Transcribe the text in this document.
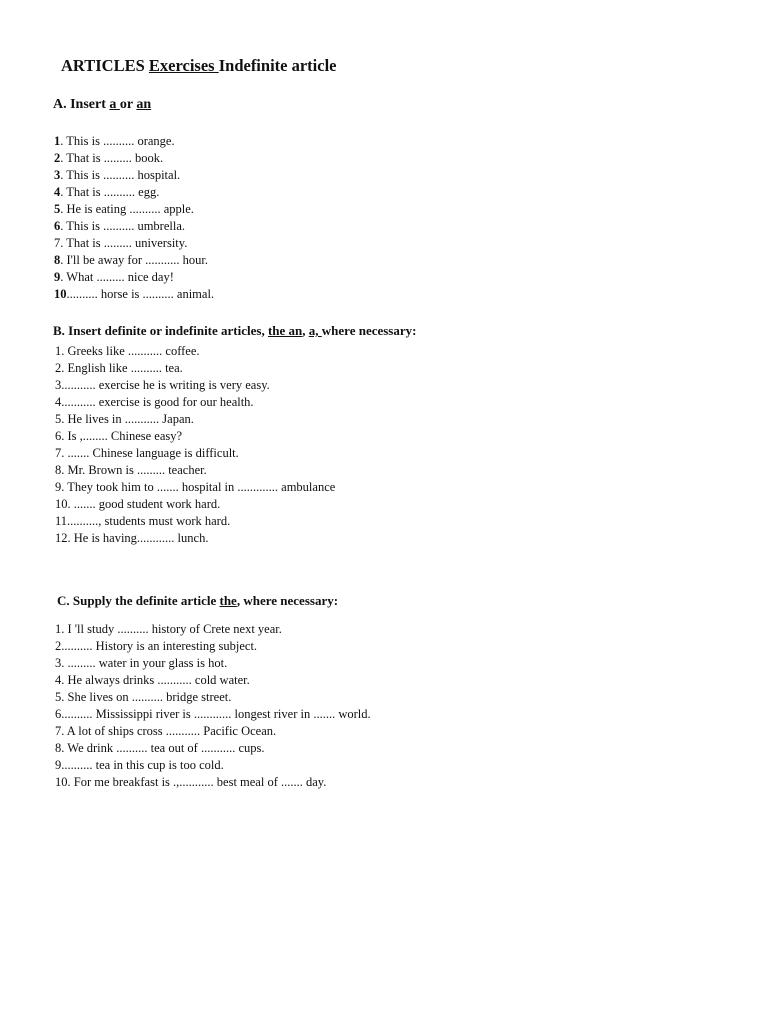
ARTICLES Exercises Indefinite article
A. Insert a or an
1. This is .......... orange.
2. That is ......... book.
3. This is .......... hospital.
4. That is .......... egg.
5. He is eating .......... apple.
6. This is .......... umbrella.
7. That is ......... university.
8. I'll be away for ........... hour.
9. What ......... nice day!
10.......... horse is .......... animal.
B. Insert definite or indefinite articles, the an, a, where necessary:
1. Greeks like ........... coffee.
2. English like .......... tea.
3........... exercise he is writing is very easy.
4........... exercise is good for our health.
5. He lives in ........... Japan.
6. Is ,........ Chinese easy?
7. ....... Chinese language is difficult.
8. Mr. Brown is ......... teacher.
9. They took him to ....... hospital in ............. ambulance
10. ....... good student work hard.
11.........., students must work hard.
12. He is having............ lunch.
C. Supply the definite article the, where necessary:
1. I 'll study .......... history of Crete next year.
2.......... History is an interesting subject.
3. ......... water in your glass is hot.
4. He always drinks ........... cold water.
5. She lives on .......... bridge street.
6.......... Mississippi river is ............ longest river in ....... world.
7. A lot of ships cross ........... Pacific Ocean.
8. We drink .......... tea out of ........... cups.
9.......... tea in this cup is too cold.
10. For me breakfast is .,........... best meal of ....... day.
